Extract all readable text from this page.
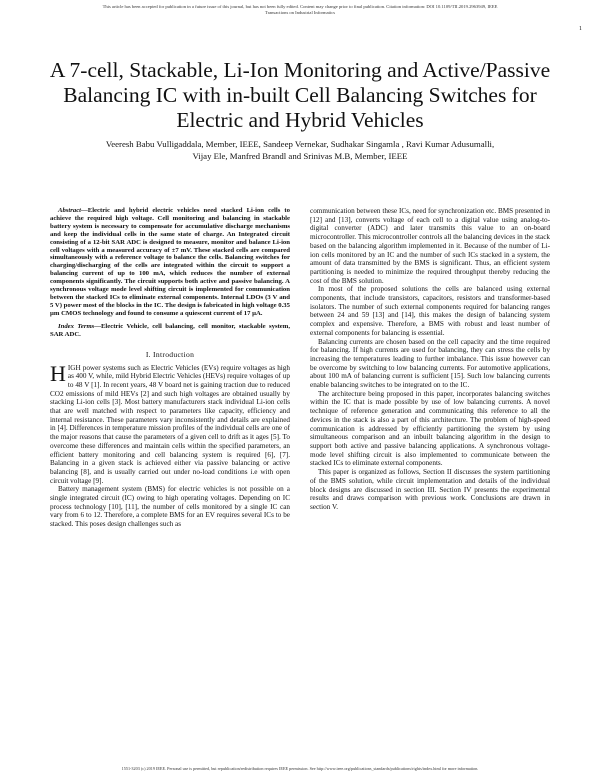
This article has been accepted for publication in a future issue of this journal, but has not been fully edited. Content may change prior to final publication. Citation information: DOI 10.1109/TII.2019.2963949, IEEE
Transactions on Industrial Informatics
1
A 7-cell, Stackable, Li-Ion Monitoring and Active/Passive Balancing IC with in-built Cell Balancing Switches for Electric and Hybrid Vehicles
Veeresh Babu Vulligaddala, Member, IEEE, Sandeep Vernekar, Sudhakar Singamla , Ravi Kumar Adusumalli,
Vijay Ele, Manfred Brandl and Srinivas M.B, Member, IEEE

Abstract—Electric and hybrid electric vehicles need stacked Li-ion cells to achieve the required high voltage. Cell monitoring and balancing in stackable battery system is necessary to compensate for accumulative discharge mechanisms and keep the individual cells in the same state of charge. An Integrated circuit consisting of a 12-bit SAR ADC is designed to measure, monitor and balance Li-ion cell voltages with a measured accuracy of ±7 mV. These stacked cells are compared simultaneously with a reference voltage to balance the cells. Balancing switches for charging/discharging of the cells are integrated within the circuit to support a balancing current of up to 100 mA, which reduces the number of external components significantly. The circuit supports both active and passive balancing. A synchronous voltage mode level shifting circuit is implemented for communication between the stacked ICs to eliminate external components. Internal LDOs (3 V and 5 V) power most of the blocks in the IC. The design is fabricated in high voltage 0.35 µm CMOS technology and found to consume a quiescent current of 17 µA.

Index Terms—Electric Vehicle, cell balancing, cell monitor, stackable system, SAR ADC.

I. Introduction

HIGH power systems such as Electric Vehicles (EVs) require voltages as high as 400 V, while, mild Hybrid Electric Vehicles (HEVs) require voltages of up to 48 V [1]. In recent years, 48 V board net is gaining traction due to reduced CO2 emissions of mild HEVs [2] and such high voltages are obtained usually by stacking Li-ion cells [3]. Most battery manufacturers stack individual Li-ion cells that are well matched with respect to parameters like capacity, efficiency and internal resistance. These parameters vary inconsistently and details are explained in [4]. Differences in temperature mission profiles of the individual cells are one of the major reasons that cause the parameters of a given cell to drift as it ages [5]. To overcome these differences and maintain cells within the specified parameters, an efficient battery monitoring and cell balancing system is required [6], [7]. Balancing in a given stack is achieved either via passive balancing or active balancing [8], and is usually carried out under no-load conditions i.e with open circuit voltage [9].

Battery management system (BMS) for electric vehicles is not possible on a single integrated circuit (IC) owing to high operating voltages. Depending on IC process technology [10], [11], the number of cells monitored by a single IC can vary from 6 to 12. Therefore, a complete BMS for an EV requires several ICs to be stacked. This poses design challenges such as

communication between these ICs, need for synchronization etc. BMS presented in [12] and [13], converts voltage of each cell to a digital value using analog-to-digital converter (ADC) and later transmits this value to an on-board microcontroller. This microcontroller controls all the balancing devices in the stack based on the balancing algorithm implemented in it. Because of the number of Li-ion cells monitored by an IC and the number of such ICs stacked in a system, the amount of data transmitted by the BMS is significant. Thus, an efficient system partitioning is needed to minimize the required throughput thereby reducing the cost of the BMS solution.

In most of the proposed solutions the cells are balanced using external components, that include transistors, capacitors, resistors and transformer-based isolators. The number of such external components required for balancing ranges between 24 and 59 [13] and [14], this makes the design of balancing system complex and expensive. Therefore, a BMS with robust and least number of external components for balancing is essential.

Balancing currents are chosen based on the cell capacity and the time required for balancing. If high currents are used for balancing, they can stress the cells by increasing the temperatures leading to further imbalance. This issue however can be overcome by switching to low balancing currents. For automotive applications, about 100 mA of balancing current is sufficient [15]. Such low balancing currents enable balancing switches to be integrated on to the IC.

The architecture being proposed in this paper, incorporates balancing switches within the IC that is made possible by use of low balancing currents. A novel technique of reference generation and communicating this reference to all the devices in the stack is also a part of this architecture. The problem of high-speed communication is addressed by efficiently partitioning the system by using simultaneous comparison and an inbuilt balancing algorithm in the design to support both active and passive balancing applications. A synchronous voltage-mode level shifting circuit is also implemented to communicate between the stacked ICs to eliminate external components.

This paper is organized as follows, Section II discusses the system partitioning of the BMS solution, while circuit implementation and details of the individual block designs are discussed in section III. Section IV presents the experimental results and draws comparison with previous work. Conclusions are drawn in section V.

1551-3203 (c) 2019 IEEE. Personal use is permitted, but republication/redistribution requires IEEE permission. See http://www.ieee.org/publications_standards/publications/rights/index.html for more information.
